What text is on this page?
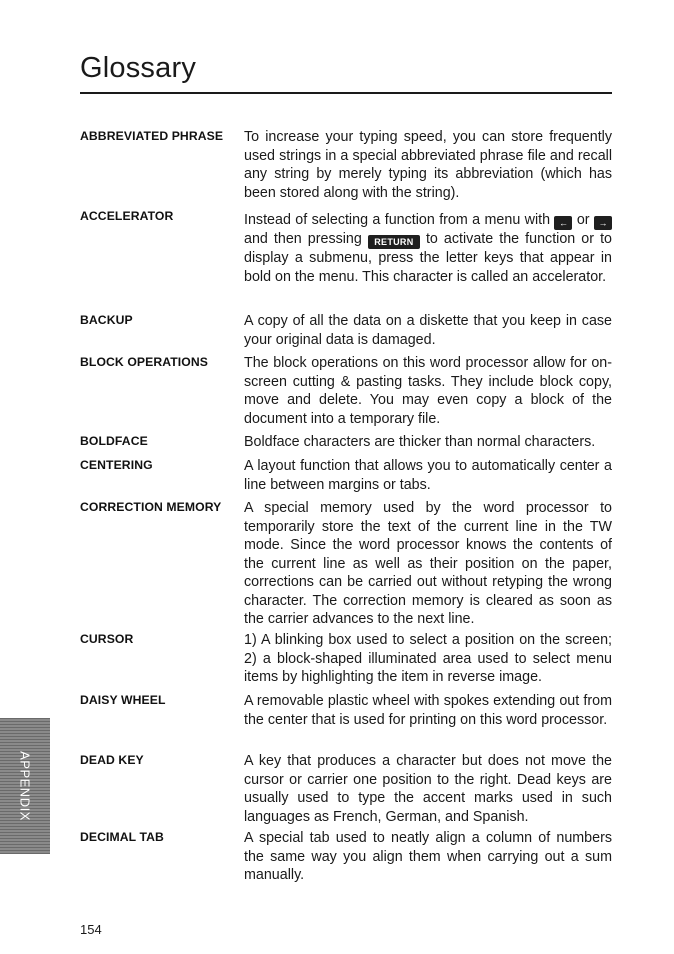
Glossary
ABBREVIATED PHRASE	To increase your typing speed, you can store frequently used strings in a special abbreviated phrase file and recall any string by merely typing its abbreviation (which has been stored along with the string).
ACCELERATOR	Instead of selecting a function from a menu with ← or → and then pressing RETURN to activate the function or to display a submenu, press the letter keys that appear in bold on the menu. This character is called an accelerator.

BACKUP	A copy of all the data on a diskette that you keep in case your original data is damaged.
BLOCK OPERATIONS	The block operations on this word processor allow for on-screen cutting & pasting tasks. They include block copy, move and delete. You may even copy a block of the document into a temporary file.
BOLDFACE	Boldface characters are thicker than normal characters.
CENTERING	A layout function that allows you to automatically center a line between margins or tabs.
CORRECTION MEMORY	A special memory used by the word processor to temporarily store the text of the current line in the TW mode. Since the word processor knows the contents of the current line as well as their position on the paper, corrections can be carried out without retyping the wrong character. The correction memory is cleared as soon as the carrier advances to the next line.
CURSOR	1) A blinking box used to select a position on the screen; 2) a block-shaped illuminated area used to select menu items by highlighting the item in reverse image.
DAISY WHEEL	A removable plastic wheel with spokes extending out from the center that is used for printing on this word processor.
DEAD KEY	A key that produces a character but does not move the cursor or carrier one position to the right. Dead keys are usually used to type the accent marks used in such languages as French, German, and Spanish.
DECIMAL TAB	A special tab used to neatly align a column of numbers the same way you align them when carrying out a sum manually.
APPENDIX
154
